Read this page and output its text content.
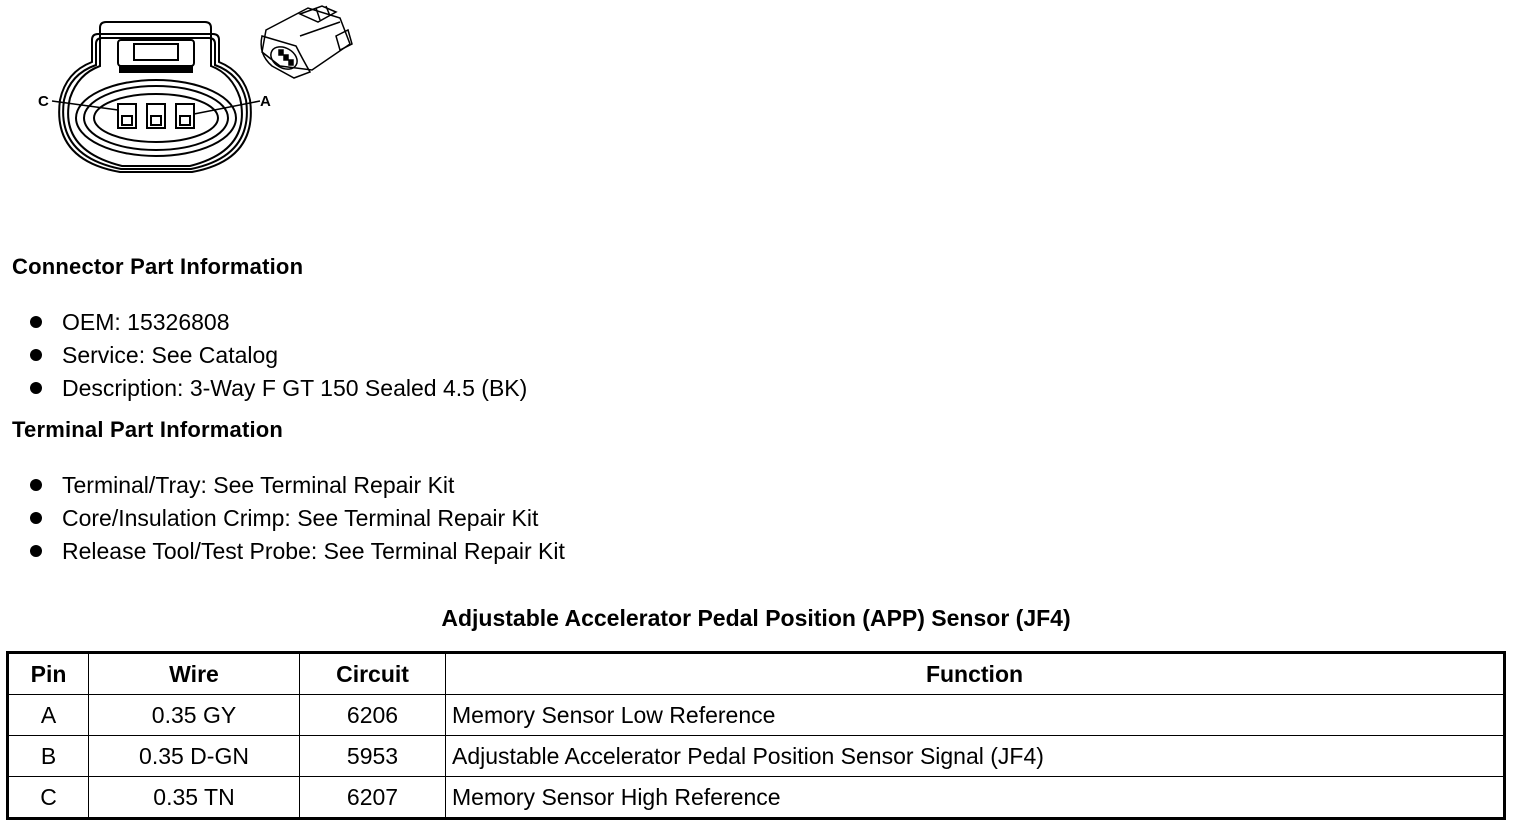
C	A
Connector Part Information
OEM: 15326808
Service: See Catalog
Description: 3-Way F GT 150 Sealed 4.5 (BK)
Terminal Part Information
Terminal/Tray: See Terminal Repair Kit
Core/Insulation Crimp: See Terminal Repair Kit
Release Tool/Test Probe: See Terminal Repair Kit
Adjustable Accelerator Pedal Position (APP) Sensor (JF4)
Pin	Wire	Circuit	Function
A	0.35 GY	6206	Memory Sensor Low Reference
B	0.35 D-GN	5953	Adjustable Accelerator Pedal Position Sensor Signal (JF4)
C	0.35 TN	6207	Memory Sensor High Reference
